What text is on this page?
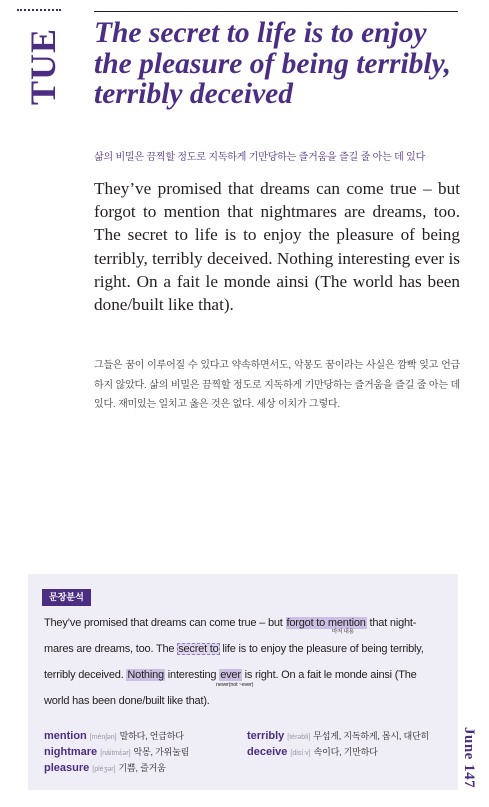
TUE The secret to life is to enjoy the pleasure of being terribly, terribly deceived
삶의 비밀은 끔찍할 정도로 지독하게 기만당하는 즐거움을 즐길 줄 아는 데 있다
They’ve promised that dreams can come true – but forgot to mention that nightmares are dreams, too. The secret to life is to enjoy the pleasure of being terribly, terribly deceived. Nothing interesting ever is right. On a fait le monde ainsi (The world has been done/built like that).
그들은 꿈이 이루어질 수 있다고 약속하면서도, 악몽도 꿈이라는 사실은 깜빡 잊고 언급하지 않았다. 삶의 비밀은 끔찍할 정도로 지독하게 기만당하는 즐거움을 즐길 줄 아는 데 있다. 재미있는 일치고 옳은 것은 없다. 세상 이치가 그렇다.
문장분석
They’ve promised that dreams can come true – but forgot to mention that night-
마저 내용
mares are dreams, too. The secret to life is to enjoy the pleasure of being terribly,
terribly deceived. Nothing interesting ever is right. On a fait le monde ainsi (The
never(not ~ever)
world has been done/built like that).
mention [ménʃən] 말하다, 언급하다
nightmare [náitmὲər] 악몽, 가위눌림
pleasure [pléʒər] 기쁨, 즐거움
terribly [térəbli] 무섭게, 지독하게, 몹시, 대단히
deceive [disíːv] 속이다, 기만하다	June 147
